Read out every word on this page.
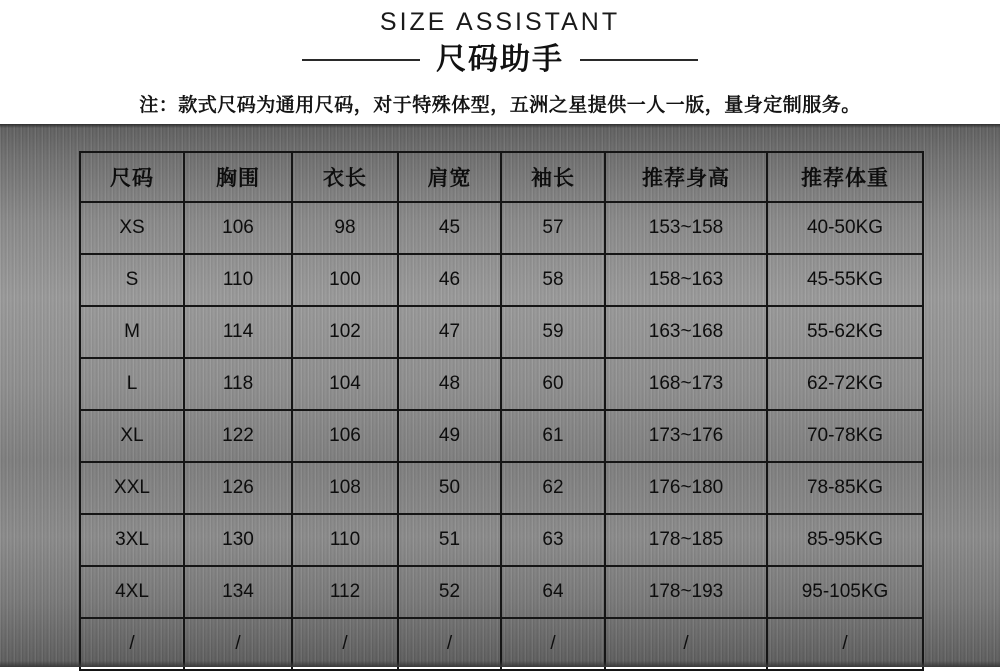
SIZE ASSISTANT
尺码助手
注：款式尺码为通用尺码，对于特殊体型，五洲之星提供一人一版，量身定制服务。
尺码	胸围	衣长	肩宽	袖长	推荐身高	推荐体重
XS	106	98	45	57	153~158	40-50KG
S	110	100	46	58	158~163	45-55KG
M	114	102	47	59	163~168	55-62KG
L	118	104	48	60	168~173	62-72KG
XL	122	106	49	61	173~176	70-78KG
XXL	126	108	50	62	176~180	78-85KG
3XL	130	110	51	63	178~185	85-95KG
4XL	134	112	52	64	178~193	95-105KG
/	/	/	/	/	/	/
